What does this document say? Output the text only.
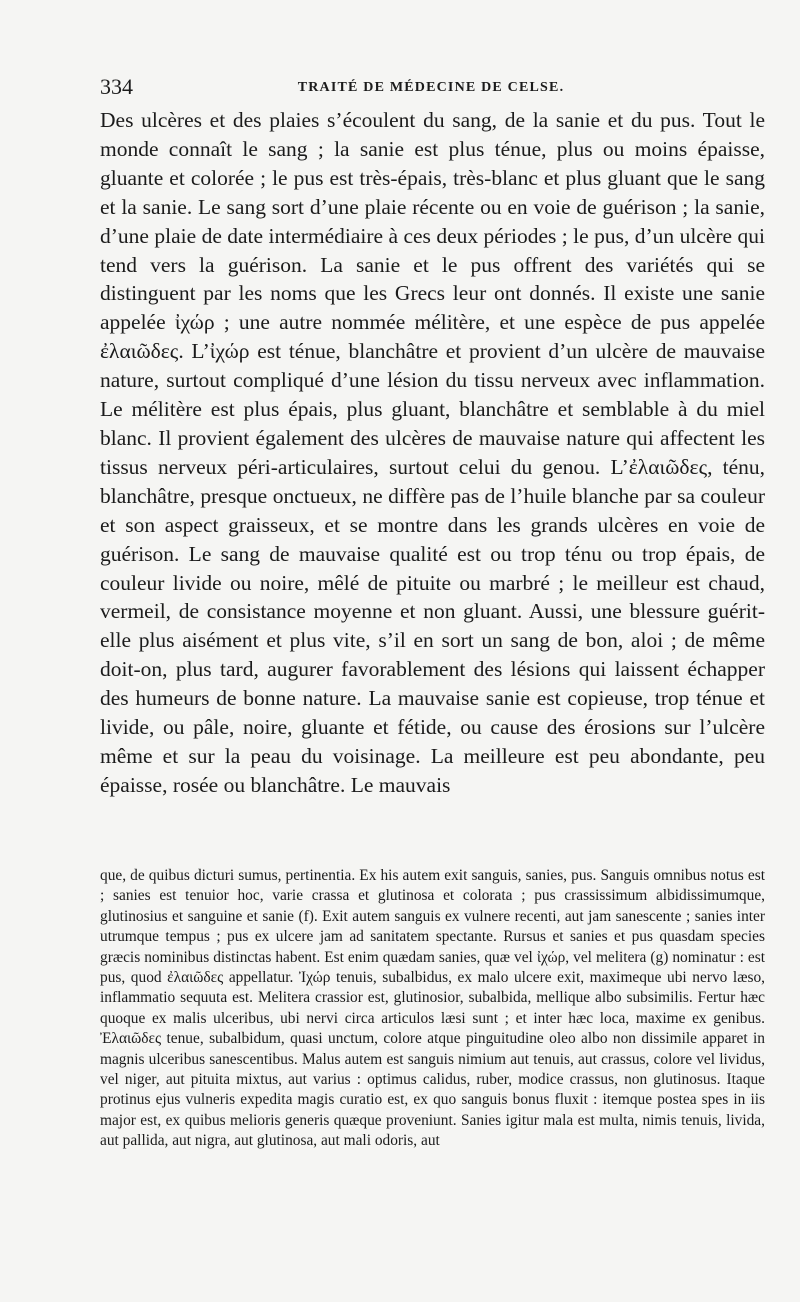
334	TRAITÉ DE MÉDECINE DE CELSE.

Des ulcères et des plaies s’écoulent du sang, de la sanie et du pus. Tout le monde connaît le sang ; la sanie est plus ténue, plus ou moins épaisse, gluante et colorée ; le pus est très-épais, très-blanc et plus gluant que le sang et la sanie. Le sang sort d’une plaie récente ou en voie de guérison ; la sanie, d’une plaie de date intermédiaire à ces deux périodes ; le pus, d’un ulcère qui tend vers la guérison. La sanie et le pus offrent des variétés qui se distinguent par les noms que les Grecs leur ont donnés. Il existe une sanie appelée ἰχώρ ; une autre nommée mélitère, et une espèce de pus appelée ἐλαιῶδες. L’ἰχώρ est ténue, blanchâtre et provient d’un ulcère de mauvaise nature, surtout compliqué d’une lésion du tissu nerveux avec inflammation. Le mélitère est plus épais, plus gluant, blanchâtre et semblable à du miel blanc. Il provient également des ulcères de mauvaise nature qui affectent les tissus nerveux péri-articulaires, surtout celui du genou. L’ἐλαιῶδες, ténu, blanchâtre, presque onctueux, ne diffère pas de l’huile blanche par sa couleur et son aspect graisseux, et se montre dans les grands ulcères en voie de guérison. Le sang de mauvaise qualité est ou trop ténu ou trop épais, de couleur livide ou noire, mêlé de pituite ou marbré ; le meilleur est chaud, vermeil, de consistance moyenne et non gluant. Aussi, une blessure guérit-elle plus aisément et plus vite, s’il en sort un sang de bon, aloi ; de même doit-on, plus tard, augurer favorablement des lésions qui laissent échapper des humeurs de bonne nature. La mauvaise sanie est copieuse, trop ténue et livide, ou pâle, noire, gluante et fétide, ou cause des érosions sur l’ulcère même et sur la peau du voisinage. La meilleure est peu abondante, peu épaisse, rosée ou blanchâtre. Le mauvais

que, de quibus dicturi sumus, pertinentia. Ex his autem exit sanguis, sanies, pus. Sanguis omnibus notus est ; sanies est tenuior hoc, varie crassa et glutinosa et colorata ; pus crassissimum albidissimumque, glutinosius et sanguine et sanie (f). Exit autem sanguis ex vulnere recenti, aut jam sanescente ; sanies inter utrumque tempus ; pus ex ulcere jam ad sanitatem spectante. Rursus et sanies et pus quasdam species græcis nominibus distinctas habent. Est enim quædam sanies, quæ vel ἰχώρ, vel melitera (g) nominatur : est pus, quod ἐλαιῶδες appellatur. Ἰχώρ tenuis, subalbidus, ex malo ulcere exit, maximeque ubi nervo læso, inflammatio sequuta est. Melitera crassior est, glutinosior, subalbida, mellique albo subsimilis. Fertur hæc quoque ex malis ulceribus, ubi nervi circa articulos læsi sunt ; et inter hæc loca, maxime ex genibus. Ἐλαιῶδες tenue, subalbidum, quasi unctum, colore atque pinguitudine oleo albo non dissimile apparet in magnis ulceribus sanescentibus. Malus autem est sanguis nimium aut tenuis, aut crassus, colore vel lividus, vel niger, aut pituita mixtus, aut varius : optimus calidus, ruber, modice crassus, non glutinosus. Itaque protinus ejus vulneris expedita magis curatio est, ex quo sanguis bonus fluxit : itemque postea spes in iis major est, ex quibus melioris generis quæque proveniunt. Sanies igitur mala est multa, nimis tenuis, livida, aut pallida, aut nigra, aut glutinosa, aut mali odoris, aut
